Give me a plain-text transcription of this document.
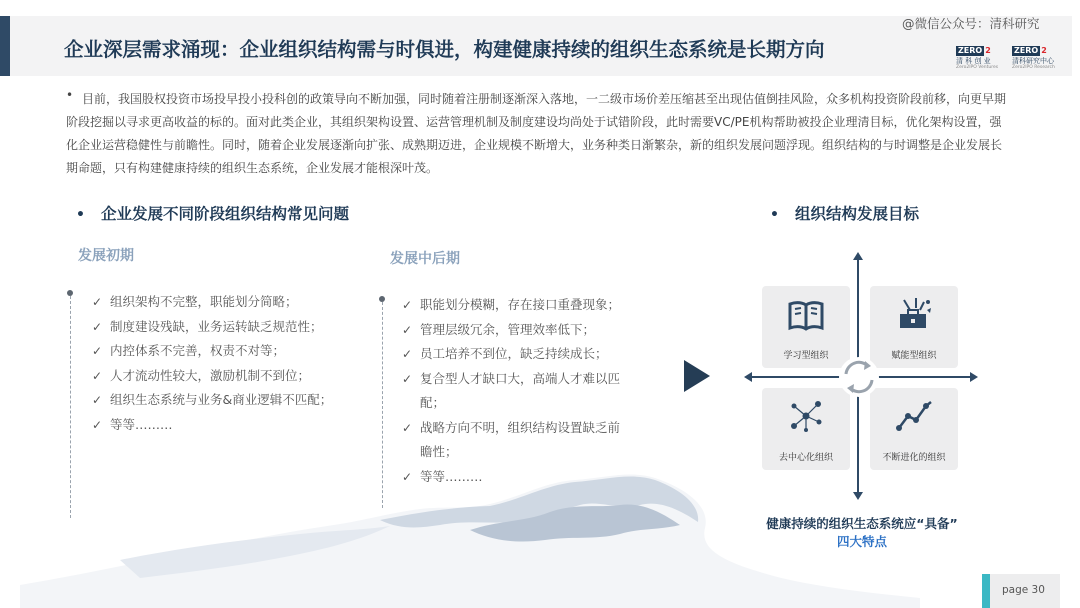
企业深层需求涌现：企业组织结构需与时俱进，构建健康持续的组织生态系统是长期方向
@微信公众号：清科研究
ZERO 2
清 科 创 业
Zero2IPO Ventures
ZERO 2
清科研究中心
Zero2IPO Research
• 目前，我国股权投资市场投早投小投科创的政策导向不断加强，同时随着注册制逐渐深入落地，一二级市场价差压缩甚至出现估值倒挂风险，众多机构投资阶段前移，向更早期阶段挖掘以寻求更高收益的标的。面对此类企业，其组织架构设置、运营管理机制及制度建设均尚处于试错阶段，此时需要VC/PE机构帮助被投企业理清目标，优化架构设置，强化企业运营稳健性与前瞻性。同时，随着企业发展逐渐向扩张、成熟期迈进，企业规模不断增大，业务种类日渐繁杂，新的组织发展问题浮现。组织结构的与时调整是企业发展长期命题，只有构建健康持续的组织生态系统，企业发展才能根深叶茂。

• 企业发展不同阶段组织结构常见问题
发展初期
✓ 组织架构不完整，职能划分简略；
✓ 制度建设残缺，业务运转缺乏规范性；
✓ 内控体系不完善，权责不对等；
✓ 人才流动性较大，激励机制不到位；
✓ 组织生态系统与业务&商业逻辑不匹配；
✓ 等等………
发展中后期
✓ 职能划分模糊，存在接口重叠现象；
✓ 管理层级冗余，管理效率低下；
✓ 员工培养不到位，缺乏持续成长；
✓ 复合型人才缺口大，高端人才难以匹
配；
✓ 战略方向不明，组织结构设置缺乏前
瞻性；
✓ 等等………
• 组织结构发展目标
学习型组织	赋能型组织
去中心化组织	不断进化的组织
健康持续的组织生态系统应“具备”
四大特点
page 30
